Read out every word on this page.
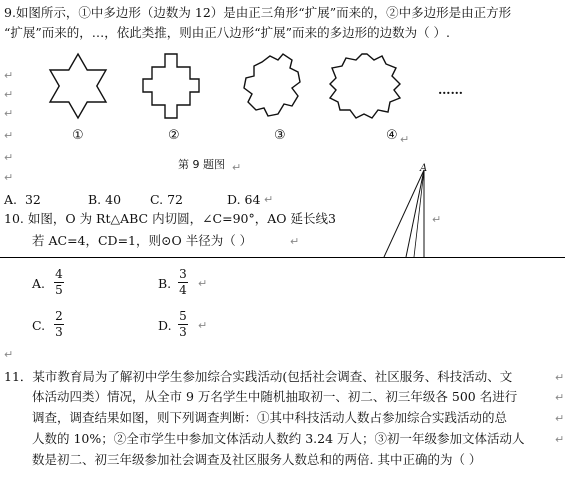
9.如图所示，①中多边形（边数为 12）是由正三角形“扩展”而来的，②中多边形是由正方形
“扩展”而来的，…，依此类推，则由正八边形“扩展”而来的多边形的边数为（ ）.
……
①	②	③	④
第 9 题图
A. 32	B. 40 C. 72	D. 64
10. 如图，O 为 Rt△ABC 内切圆，∠C=90°，AO 延长线3
若 AC=4，CD=1，则⊙O 半径为（ ）
A
A.
4
5	B.
3
4
C.
2
3	D.
5
3
11．某市教育局为了解初中学生参加综合实践活动(包括社会调查、社区服务、科技活动、文
体活动四类）情况，从全市 9 万名学生中随机抽取初一、初二、初三年级各 500 名进行
调查，调查结果如图，则下列调查判断：①其中科技活动人数占参加综合实践活动的总
人数的 10%；②全市学生中参加文体活动人数约 3.24 万人；③初一年级参加文体活动人
数是初二、初三年级参加社会调查及社区服务人数总和的两倍. 其中正确的为（ ）
↵
↵
↵
↵
↵
↵
↵
↵
↵
↵
↵
↵
↵
↵
↵
↵
↵
↵
